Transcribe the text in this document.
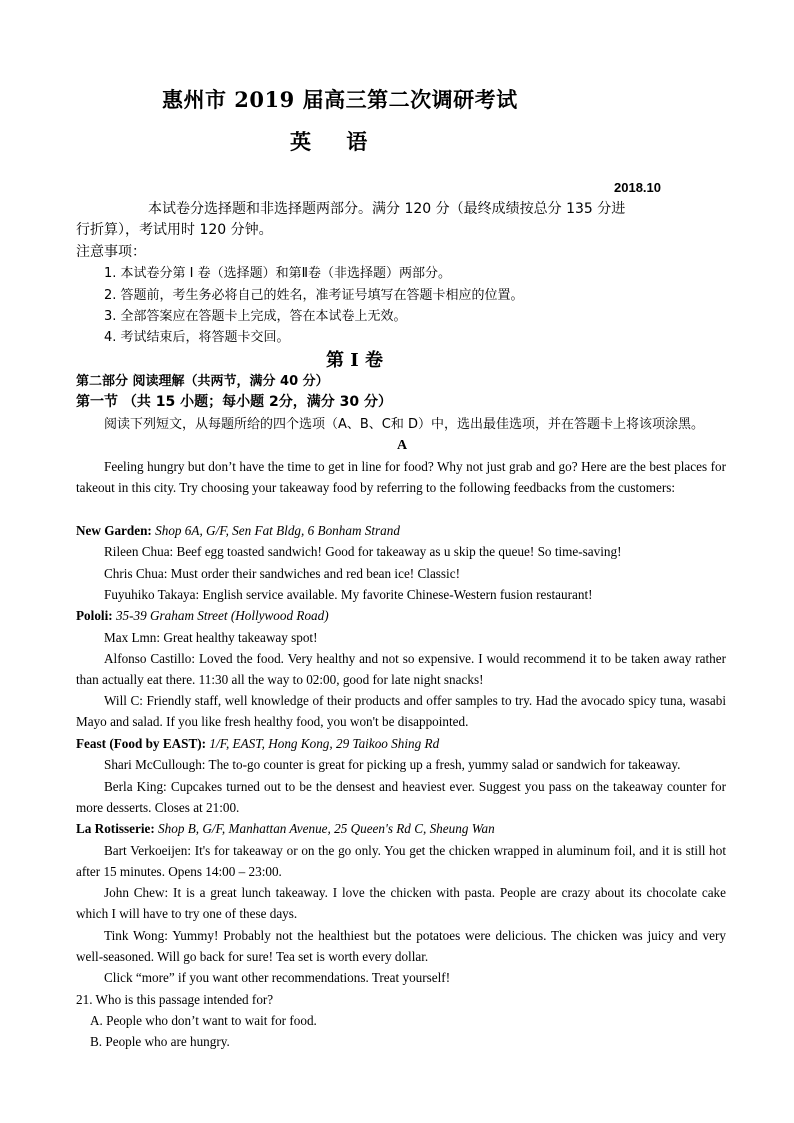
惠州市 2019 届高三第二次调研考试
英 语
2018.10
本试卷分选择题和非选择题两部分。满分 120 分（最终成绩按总分 135 分进
行折算），考试用时 120 分钟。
注意事项：
1. 本试卷分第 I 卷（选择题）和第Ⅱ卷（非选择题）两部分。
2. 答题前，考生务必将自己的姓名，准考证号填写在答题卡相应的位置。
3. 全部答案应在答题卡上完成，答在本试卷上无效。
4. 考试结束后，将答题卡交回。
第 I 卷
第二部分 阅读理解（共两节，满分 40 分）
第一节 （共 15 小题；每小题 2分，满分 30 分）
阅读下列短文，从每题所给的四个选项（A、B、C和 D）中，选出最佳选项，并在答题卡上将该项涂黑。
A
Feeling hungry but don’t have the time to get in line for food? Why not just grab and go? Here are the best places for takeout in this city. Try choosing your takeaway food by referring to the following feedbacks from the customers:
New Garden: Shop 6A, G/F, Sen Fat Bldg, 6 Bonham Strand
Rileen Chua: Beef egg toasted sandwich! Good for takeaway as u skip the queue! So time-saving!
Chris Chua: Must order their sandwiches and red bean ice! Classic!
Fuyuhiko Takaya: English service available. My favorite Chinese-Western fusion restaurant!
Pololi: 35-39 Graham Street (Hollywood Road)
Max Lmn: Great healthy takeaway spot!
Alfonso Castillo: Loved the food. Very healthy and not so expensive. I would recommend it to be taken away rather than actually eat there. 11:30 all the way to 02:00, good for late night snacks!
Will C: Friendly staff, well knowledge of their products and offer samples to try. Had the avocado spicy tuna, wasabi Mayo and salad. If you like fresh healthy food, you won't be disappointed.
Feast (Food by EAST): 1/F, EAST, Hong Kong, 29 Taikoo Shing Rd
Shari McCullough: The to-go counter is great for picking up a fresh, yummy salad or sandwich for takeaway.
Berla King: Cupcakes turned out to be the densest and heaviest ever. Suggest you pass on the takeaway counter for more desserts. Closes at 21:00.
La Rotisserie: Shop B, G/F, Manhattan Avenue, 25 Queen's Rd C, Sheung Wan
Bart Verkoeijen: It's for takeaway or on the go only. You get the chicken wrapped in aluminum foil, and it is still hot after 15 minutes. Opens 14:00 – 23:00.
John Chew: It is a great lunch takeaway. I love the chicken with pasta. People are crazy about its chocolate cake which I will have to try one of these days.
Tink Wong: Yummy! Probably not the healthiest but the potatoes were delicious. The chicken was juicy and very well-seasoned. Will go back for sure! Tea set is worth every dollar.
Click “more” if you want other recommendations. Treat yourself!
21. Who is this passage intended for?
A. People who don’t want to wait for food.
B. People who are hungry.
